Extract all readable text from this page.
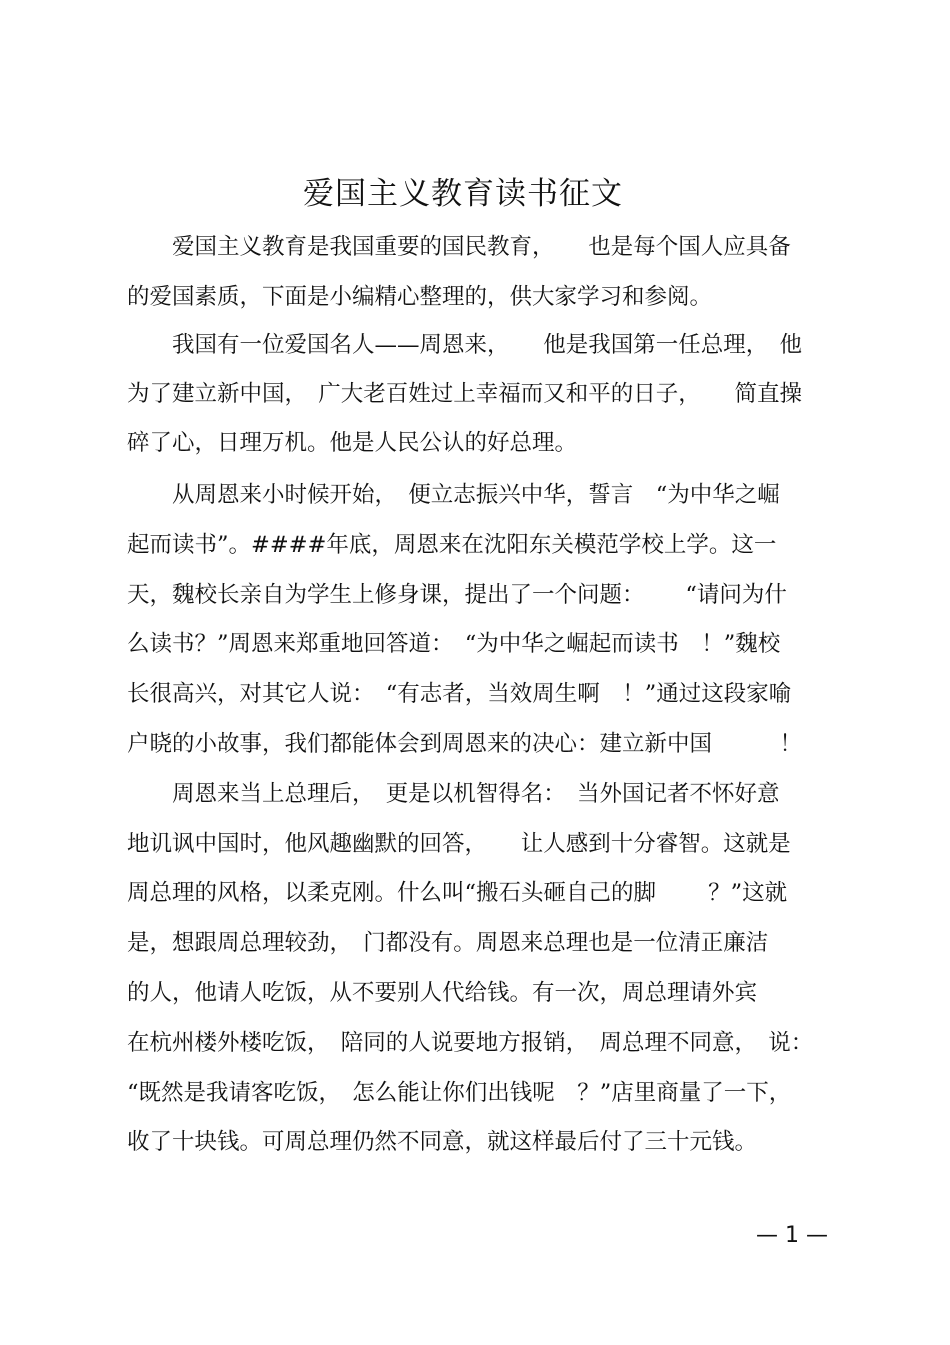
爱国主义教育读书征文
　　爱国主义教育是我国重要的国民教育，　　也是每个国人应具备
的爱国素质，下面是小编精心整理的，供大家学习和参阅。
　　我国有一位爱国名人——周恩来，　　他是我国第一任总理，　他
为了建立新中国，　广大老百姓过上幸福而又和平的日子，　　简直操
碎了心，日理万机。他是人民公认的好总理。
　　从周恩来小时候开始，　便立志振兴中华，誓言　“为中华之崛
起而读书”。####年底，周恩来在沈阳东关模范学校上学。这一
天，魏校长亲自为学生上修身课，提出了一个问题：　　 “请问为什
么读书？”周恩来郑重地回答道：　“为中华之崛起而读书　！”魏校
长很高兴，对其它人说：　“有志者，当效周生啊　！”通过这段家喻
户晓的小故事，我们都能体会到周恩来的决心：建立新中国　　　！
　　周恩来当上总理后，　更是以机智得名：　当外国记者不怀好意
地讥讽中国时，他风趣幽默的回答，　　让人感到十分睿智。这就是
周总理的风格，以柔克刚。什么叫“搬石头砸自己的脚　　 ？”这就
是，想跟周总理较劲，　门都没有。周恩来总理也是一位清正廉洁
的人，他请人吃饭，从不要别人代给钱。有一次，周总理请外宾
在杭州楼外楼吃饭，　陪同的人说要地方报销，　周总理不同意，　说：
“既然是我请客吃饭，　怎么能让你们出钱呢　？”店里商量了一下，
收了十块钱。可周总理仍然不同意，就这样最后付了三十元钱。
— 1 —
